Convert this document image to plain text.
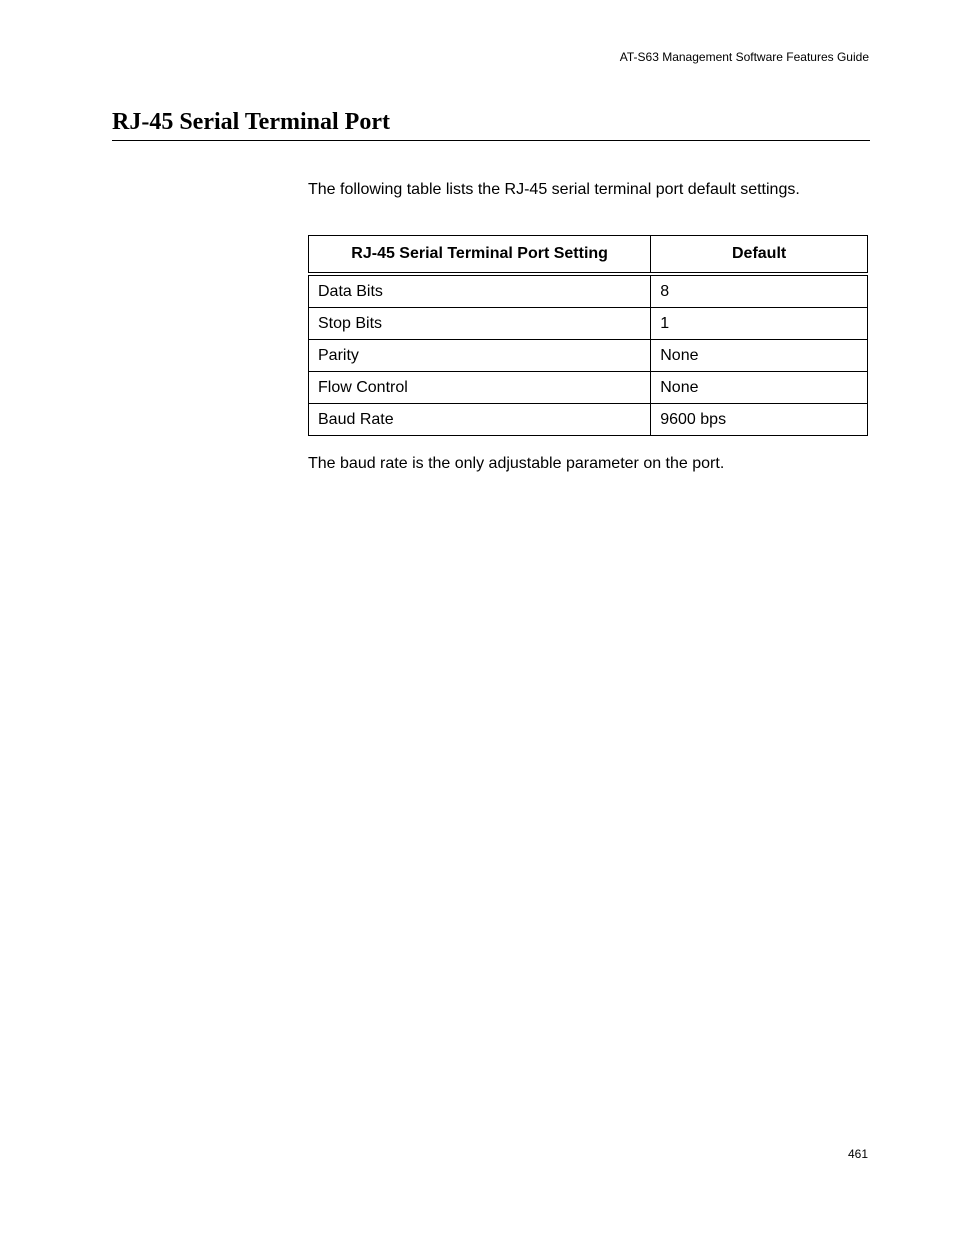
AT-S63 Management Software Features Guide
RJ-45 Serial Terminal Port

The following table lists the RJ-45 serial terminal port default settings.

RJ-45 Serial Terminal Port Setting	Default
Data Bits	8
Stop Bits	1
Parity	None
Flow Control	None
Baud Rate	9600 bps

The baud rate is the only adjustable parameter on the port.

461
